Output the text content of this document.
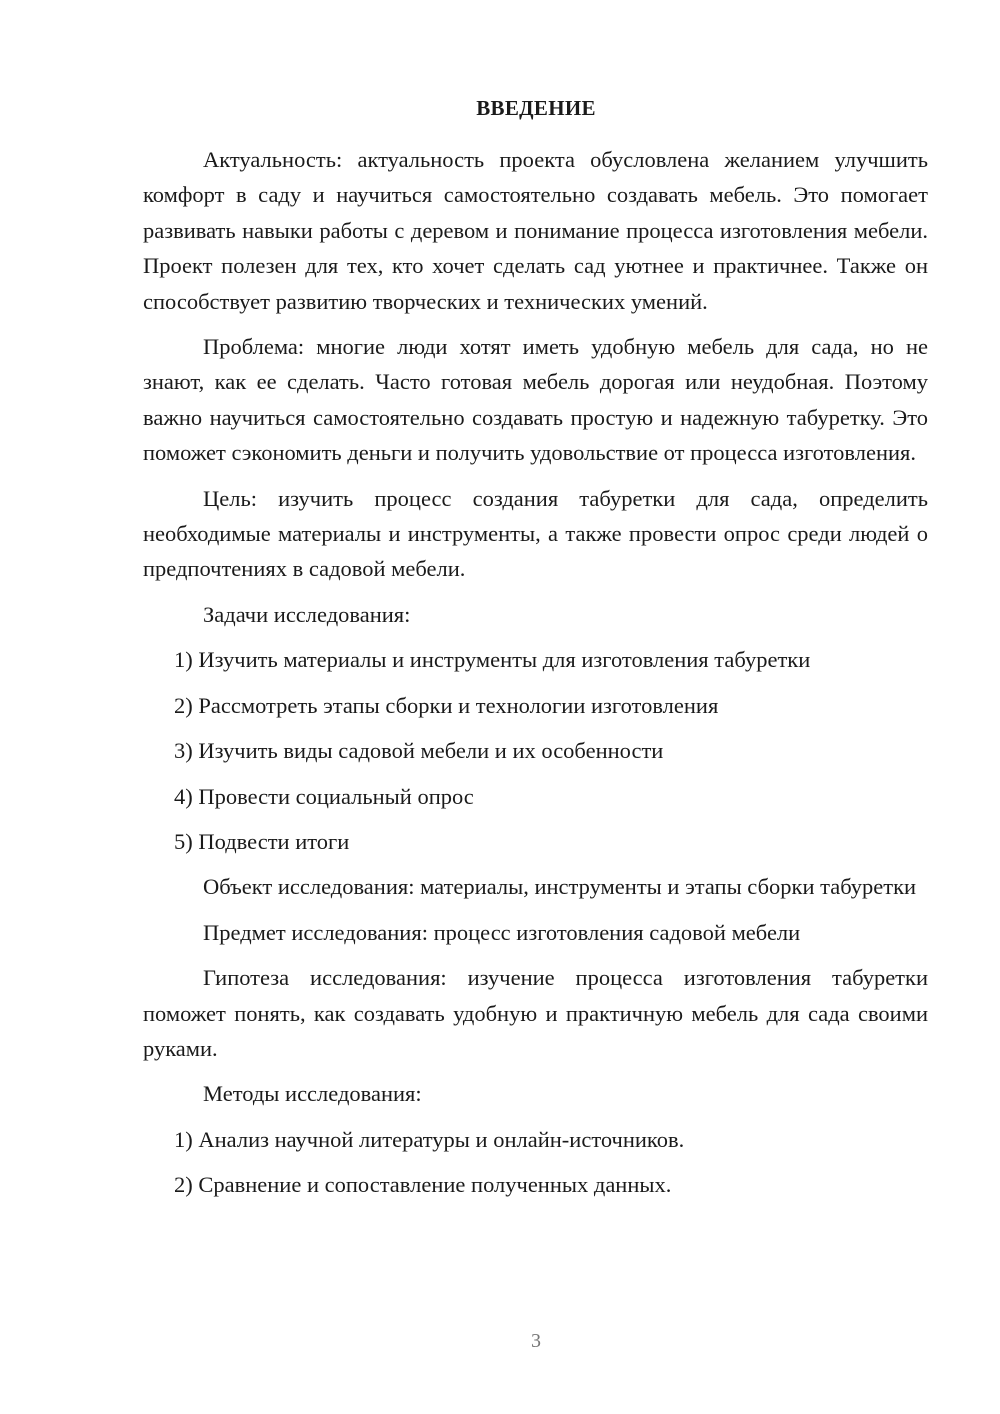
ВВЕДЕНИЕ

Актуальность: актуальность проекта обусловлена желанием улучшить комфорт в саду и научиться самостоятельно создавать мебель. Это помогает развивать навыки работы с деревом и понимание процесса изготовления мебели. Проект полезен для тех, кто хочет сделать сад уютнее и практичнее. Также он способствует развитию творческих и технических умений.

Проблема: многие люди хотят иметь удобную мебель для сада, но не знают, как ее сделать. Часто готовая мебель дорогая или неудобная. Поэтому важно научиться самостоятельно создавать простую и надежную табуретку. Это поможет сэкономить деньги и получить удовольствие от процесса изготовления.

Цель: изучить процесс создания табуретки для сада, определить необходимые материалы и инструменты, а также провести опрос среди людей о предпочтениях в садовой мебели.

Задачи исследования:

1) Изучить материалы и инструменты для изготовления табуретки

2) Рассмотреть этапы сборки и технологии изготовления

3) Изучить виды садовой мебели и их особенности

4) Провести социальный опрос

5) Подвести итоги

Объект исследования: материалы, инструменты и этапы сборки табуретки

Предмет исследования: процесс изготовления садовой мебели

Гипотеза исследования: изучение процесса изготовления табуретки поможет понять, как создавать удобную и практичную мебель для сада своими руками.

Методы исследования:

1) Анализ научной литературы и онлайн-источников.

2) Сравнение и сопоставление полученных данных.

3
